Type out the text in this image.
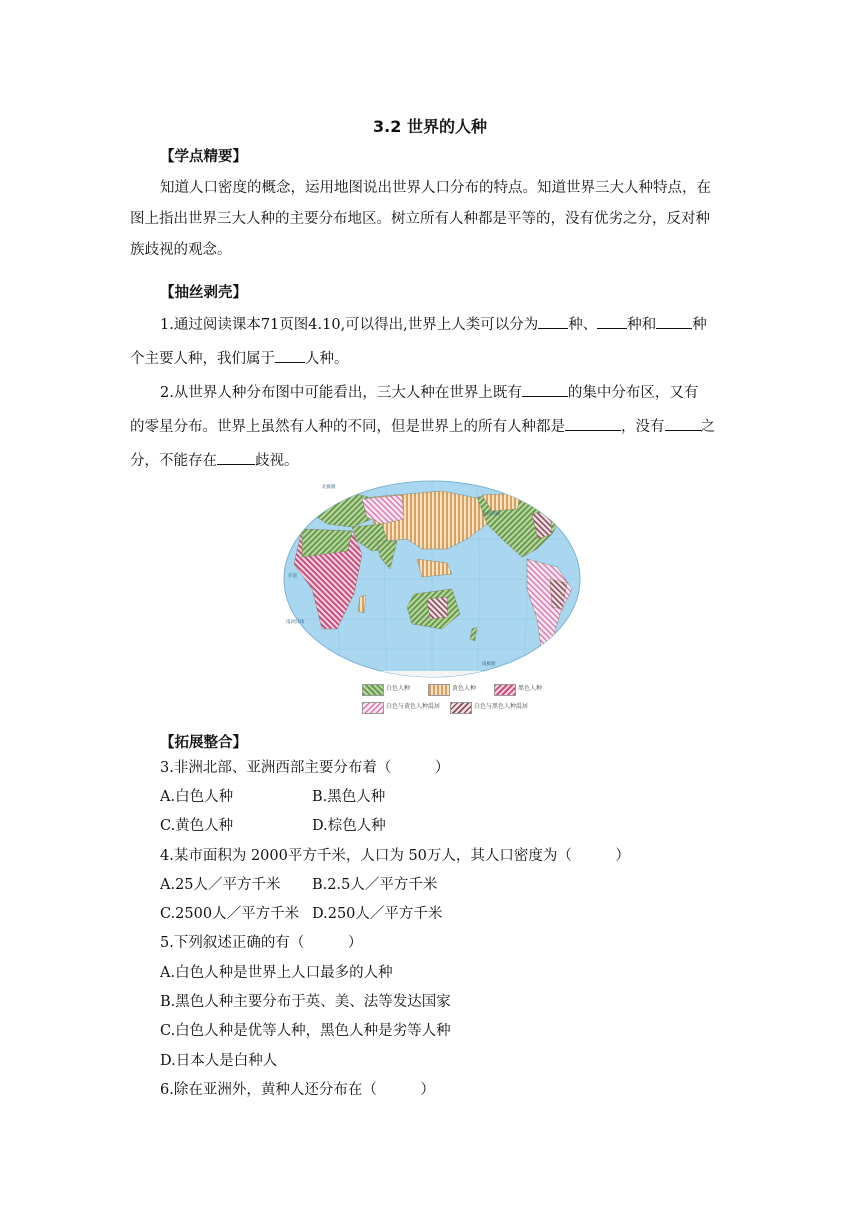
3.2 世界的人种
【学点精要】
知道人口密度的概念，运用地图说出世界人口分布的特点。知道世界三大人种特点，在
图上指出世界三大人种的主要分布地区。树立所有人种都是平等的，没有优劣之分，反对种
族歧视的观念。
【抽丝剥壳】
1.通过阅读课本71页图4.10,可以得出,世界上人类可以分为 种、 种和 种
个主要人种，我们属于 人种。
2.从世界人种分布图中可能看出，三大人种在世界上既有	的集中分布区，又有
的零星分布。世界上虽然有人种的不同，但是世界上的所有人种都是	，没有 之
分，不能存在	歧视。
北极圈
赤道
南回归线
北回归线
南极圈
白色人种	黄色人种	黑色人种
白色与黄色人种混居	白色与黑色人种混居
【拓展整合】
3.非洲北部、亚洲西部主要分布着（　　　）
A.白色人种	B.黑色人种
C.黄色人种	D.棕色人种
4.某市面积为 2000平方千米，人口为 50万人，其人口密度为（　　　）
A.25人／平方千米 B.2.5人／平方千米
C.2500人／平方千米 D.250人／平方千米
5.下列叙述正确的有（　　　）
A.白色人种是世界上人口最多的人种
B.黑色人种主要分布于英、美、法等发达国家
C.白色人种是优等人种，黑色人种是劣等人种
D.日本人是白种人
6.除在亚洲外，黄种人还分布在（　　　）
